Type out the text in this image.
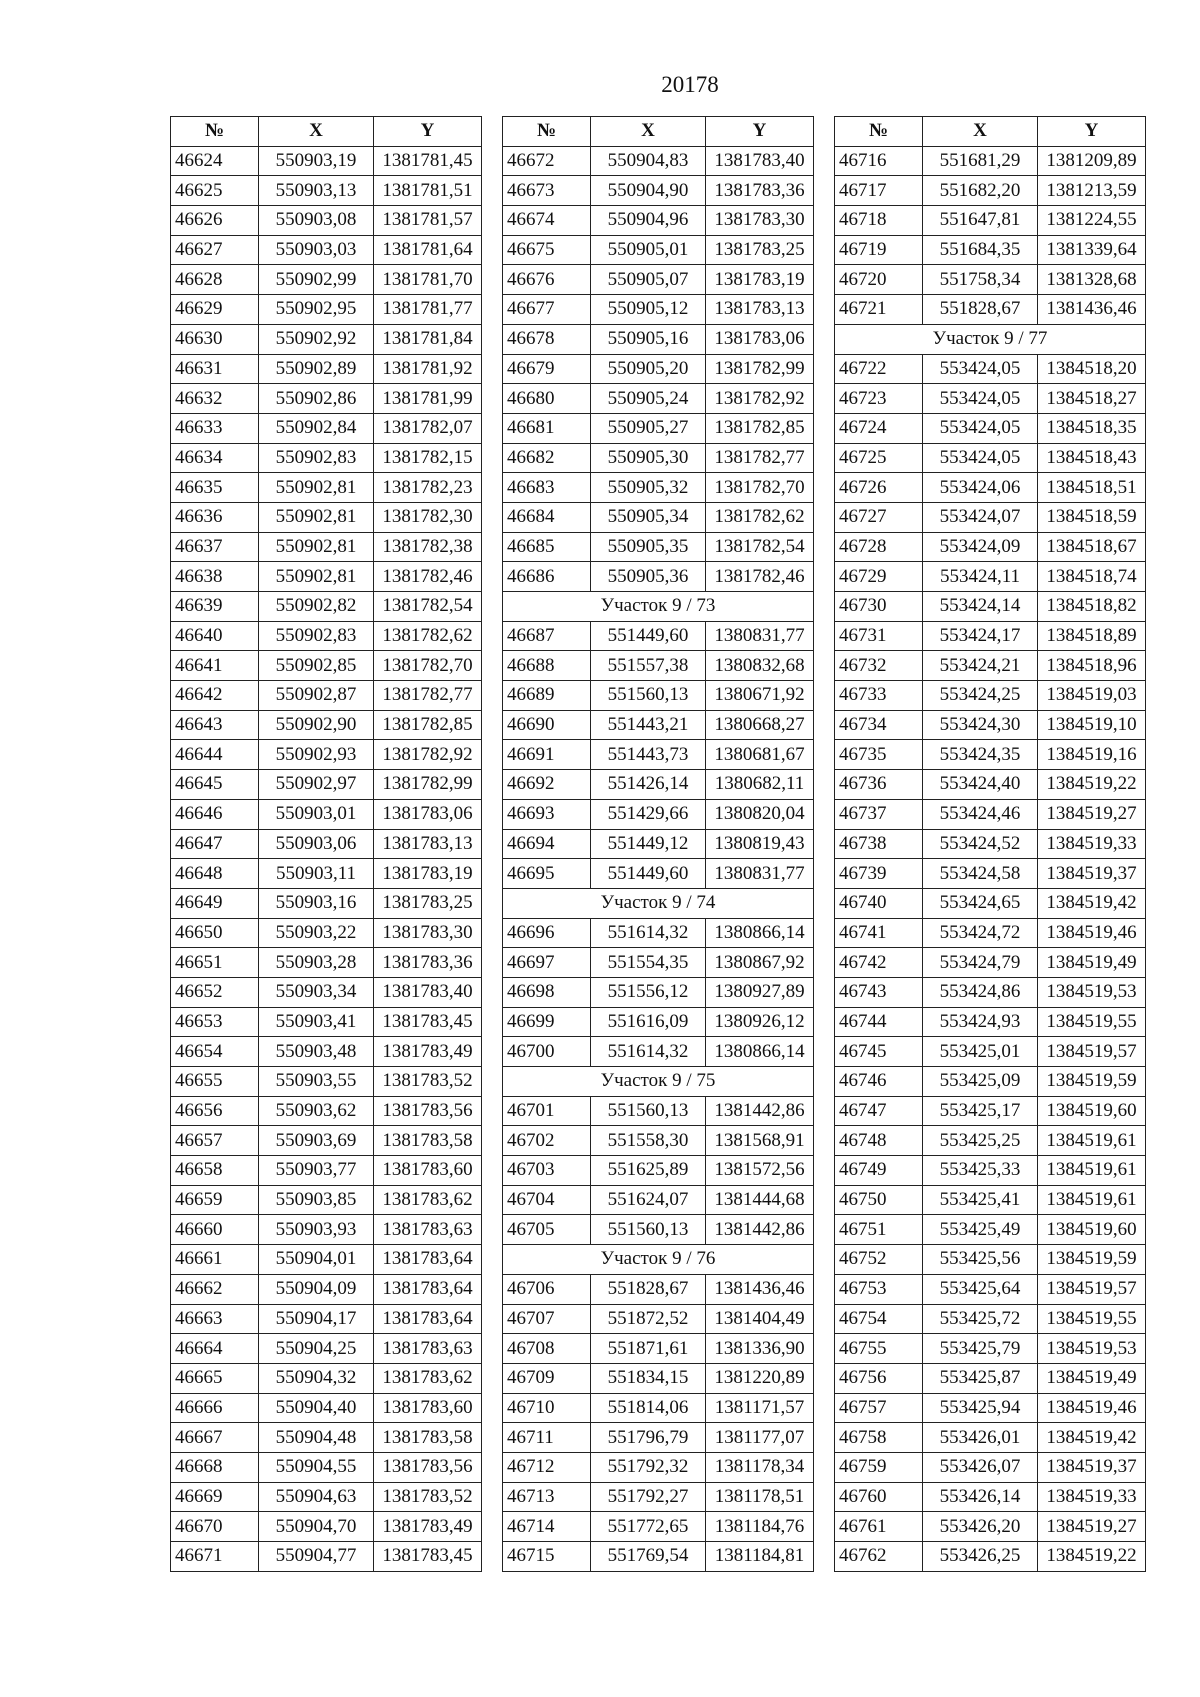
20178
№	X	Y
46624	550903,19	1381781,45
46625	550903,13	1381781,51
46626	550903,08	1381781,57
46627	550903,03	1381781,64
46628	550902,99	1381781,70
46629	550902,95	1381781,77
46630	550902,92	1381781,84
46631	550902,89	1381781,92
46632	550902,86	1381781,99
46633	550902,84	1381782,07
46634	550902,83	1381782,15
46635	550902,81	1381782,23
46636	550902,81	1381782,30
46637	550902,81	1381782,38
46638	550902,81	1381782,46
46639	550902,82	1381782,54
46640	550902,83	1381782,62
46641	550902,85	1381782,70
46642	550902,87	1381782,77
46643	550902,90	1381782,85
46644	550902,93	1381782,92
46645	550902,97	1381782,99
46646	550903,01	1381783,06
46647	550903,06	1381783,13
46648	550903,11	1381783,19
46649	550903,16	1381783,25
46650	550903,22	1381783,30
46651	550903,28	1381783,36
46652	550903,34	1381783,40
46653	550903,41	1381783,45
46654	550903,48	1381783,49
46655	550903,55	1381783,52
46656	550903,62	1381783,56
46657	550903,69	1381783,58
46658	550903,77	1381783,60
46659	550903,85	1381783,62
46660	550903,93	1381783,63
46661	550904,01	1381783,64
46662	550904,09	1381783,64
46663	550904,17	1381783,64
46664	550904,25	1381783,63
46665	550904,32	1381783,62
46666	550904,40	1381783,60
46667	550904,48	1381783,58
46668	550904,55	1381783,56
46669	550904,63	1381783,52
46670	550904,70	1381783,49
46671	550904,77	1381783,45
№	X	Y
46672	550904,83	1381783,40
46673	550904,90	1381783,36
46674	550904,96	1381783,30
46675	550905,01	1381783,25
46676	550905,07	1381783,19
46677	550905,12	1381783,13
46678	550905,16	1381783,06
46679	550905,20	1381782,99
46680	550905,24	1381782,92
46681	550905,27	1381782,85
46682	550905,30	1381782,77
46683	550905,32	1381782,70
46684	550905,34	1381782,62
46685	550905,35	1381782,54
46686	550905,36	1381782,46
Участок 9 / 73		
46687	551449,60	1380831,77
46688	551557,38	1380832,68
46689	551560,13	1380671,92
46690	551443,21	1380668,27
46691	551443,73	1380681,67
46692	551426,14	1380682,11
46693	551429,66	1380820,04
46694	551449,12	1380819,43
46695	551449,60	1380831,77
Участок 9 / 74		
46696	551614,32	1380866,14
46697	551554,35	1380867,92
46698	551556,12	1380927,89
46699	551616,09	1380926,12
46700	551614,32	1380866,14
Участок 9 / 75		
46701	551560,13	1381442,86
46702	551558,30	1381568,91
46703	551625,89	1381572,56
46704	551624,07	1381444,68
46705	551560,13	1381442,86
Участок 9 / 76		
46706	551828,67	1381436,46
46707	551872,52	1381404,49
46708	551871,61	1381336,90
46709	551834,15	1381220,89
46710	551814,06	1381171,57
46711	551796,79	1381177,07
46712	551792,32	1381178,34
46713	551792,27	1381178,51
46714	551772,65	1381184,76
46715	551769,54	1381184,81
№	X	Y
46716	551681,29	1381209,89
46717	551682,20	1381213,59
46718	551647,81	1381224,55
46719	551684,35	1381339,64
46720	551758,34	1381328,68
46721	551828,67	1381436,46
Участок 9 / 77		
46722	553424,05	1384518,20
46723	553424,05	1384518,27
46724	553424,05	1384518,35
46725	553424,05	1384518,43
46726	553424,06	1384518,51
46727	553424,07	1384518,59
46728	553424,09	1384518,67
46729	553424,11	1384518,74
46730	553424,14	1384518,82
46731	553424,17	1384518,89
46732	553424,21	1384518,96
46733	553424,25	1384519,03
46734	553424,30	1384519,10
46735	553424,35	1384519,16
46736	553424,40	1384519,22
46737	553424,46	1384519,27
46738	553424,52	1384519,33
46739	553424,58	1384519,37
46740	553424,65	1384519,42
46741	553424,72	1384519,46
46742	553424,79	1384519,49
46743	553424,86	1384519,53
46744	553424,93	1384519,55
46745	553425,01	1384519,57
46746	553425,09	1384519,59
46747	553425,17	1384519,60
46748	553425,25	1384519,61
46749	553425,33	1384519,61
46750	553425,41	1384519,61
46751	553425,49	1384519,60
46752	553425,56	1384519,59
46753	553425,64	1384519,57
46754	553425,72	1384519,55
46755	553425,79	1384519,53
46756	553425,87	1384519,49
46757	553425,94	1384519,46
46758	553426,01	1384519,42
46759	553426,07	1384519,37
46760	553426,14	1384519,33
46761	553426,20	1384519,27
46762	553426,25	1384519,22
